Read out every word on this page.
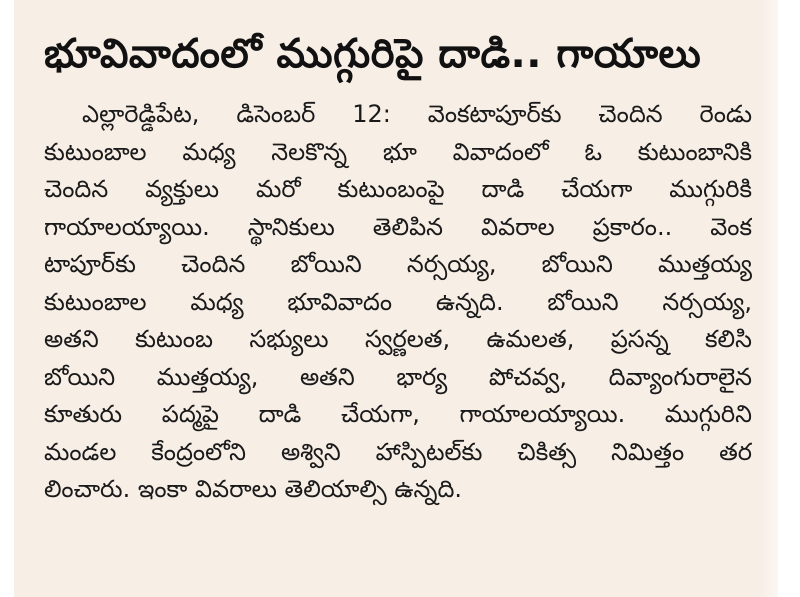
భూవివాదంలో ముగ్గురిపై దాడి.. గాయాలు
ఎల్లారెడ్డిపేట, డిసెంబర్ 12: వెంకటాపూర్‌కు చెందిన రెండు
కుటుంబాల మధ్య నెలకొన్న భూ వివాదంలో ఓ కుటుంబానికి
చెందిన వ్యక్తులు మరో కుటుంబంపై దాడి చేయగా ముగ్గురికి
గాయాలయ్యాయి. స్థానికులు తెలిపిన వివరాల ప్రకారం.. వెంక
టాపూర్‌కు చెందిన బోయిని నర్సయ్య, బోయిని ముత్తయ్య
కుటుంబాల మధ్య భూవివాదం ఉన్నది. బోయిని నర్సయ్య,
అతని కుటుంబ సభ్యులు స్వర్ణలత, ఉమలత, ప్రసన్న కలిసి
బోయిని ముత్తయ్య, అతని భార్య పోచవ్వ, దివ్యాంగురాలైన
కూతురు పద్మపై దాడి చేయగా, గాయాలయ్యాయి. ముగ్గురిని
మండల కేంద్రంలోని అశ్విని హాస్పిటల్‌కు చికిత్స నిమిత్తం తర
లించారు. ఇంకా వివరాలు తెలియాల్సి ఉన్నది.
